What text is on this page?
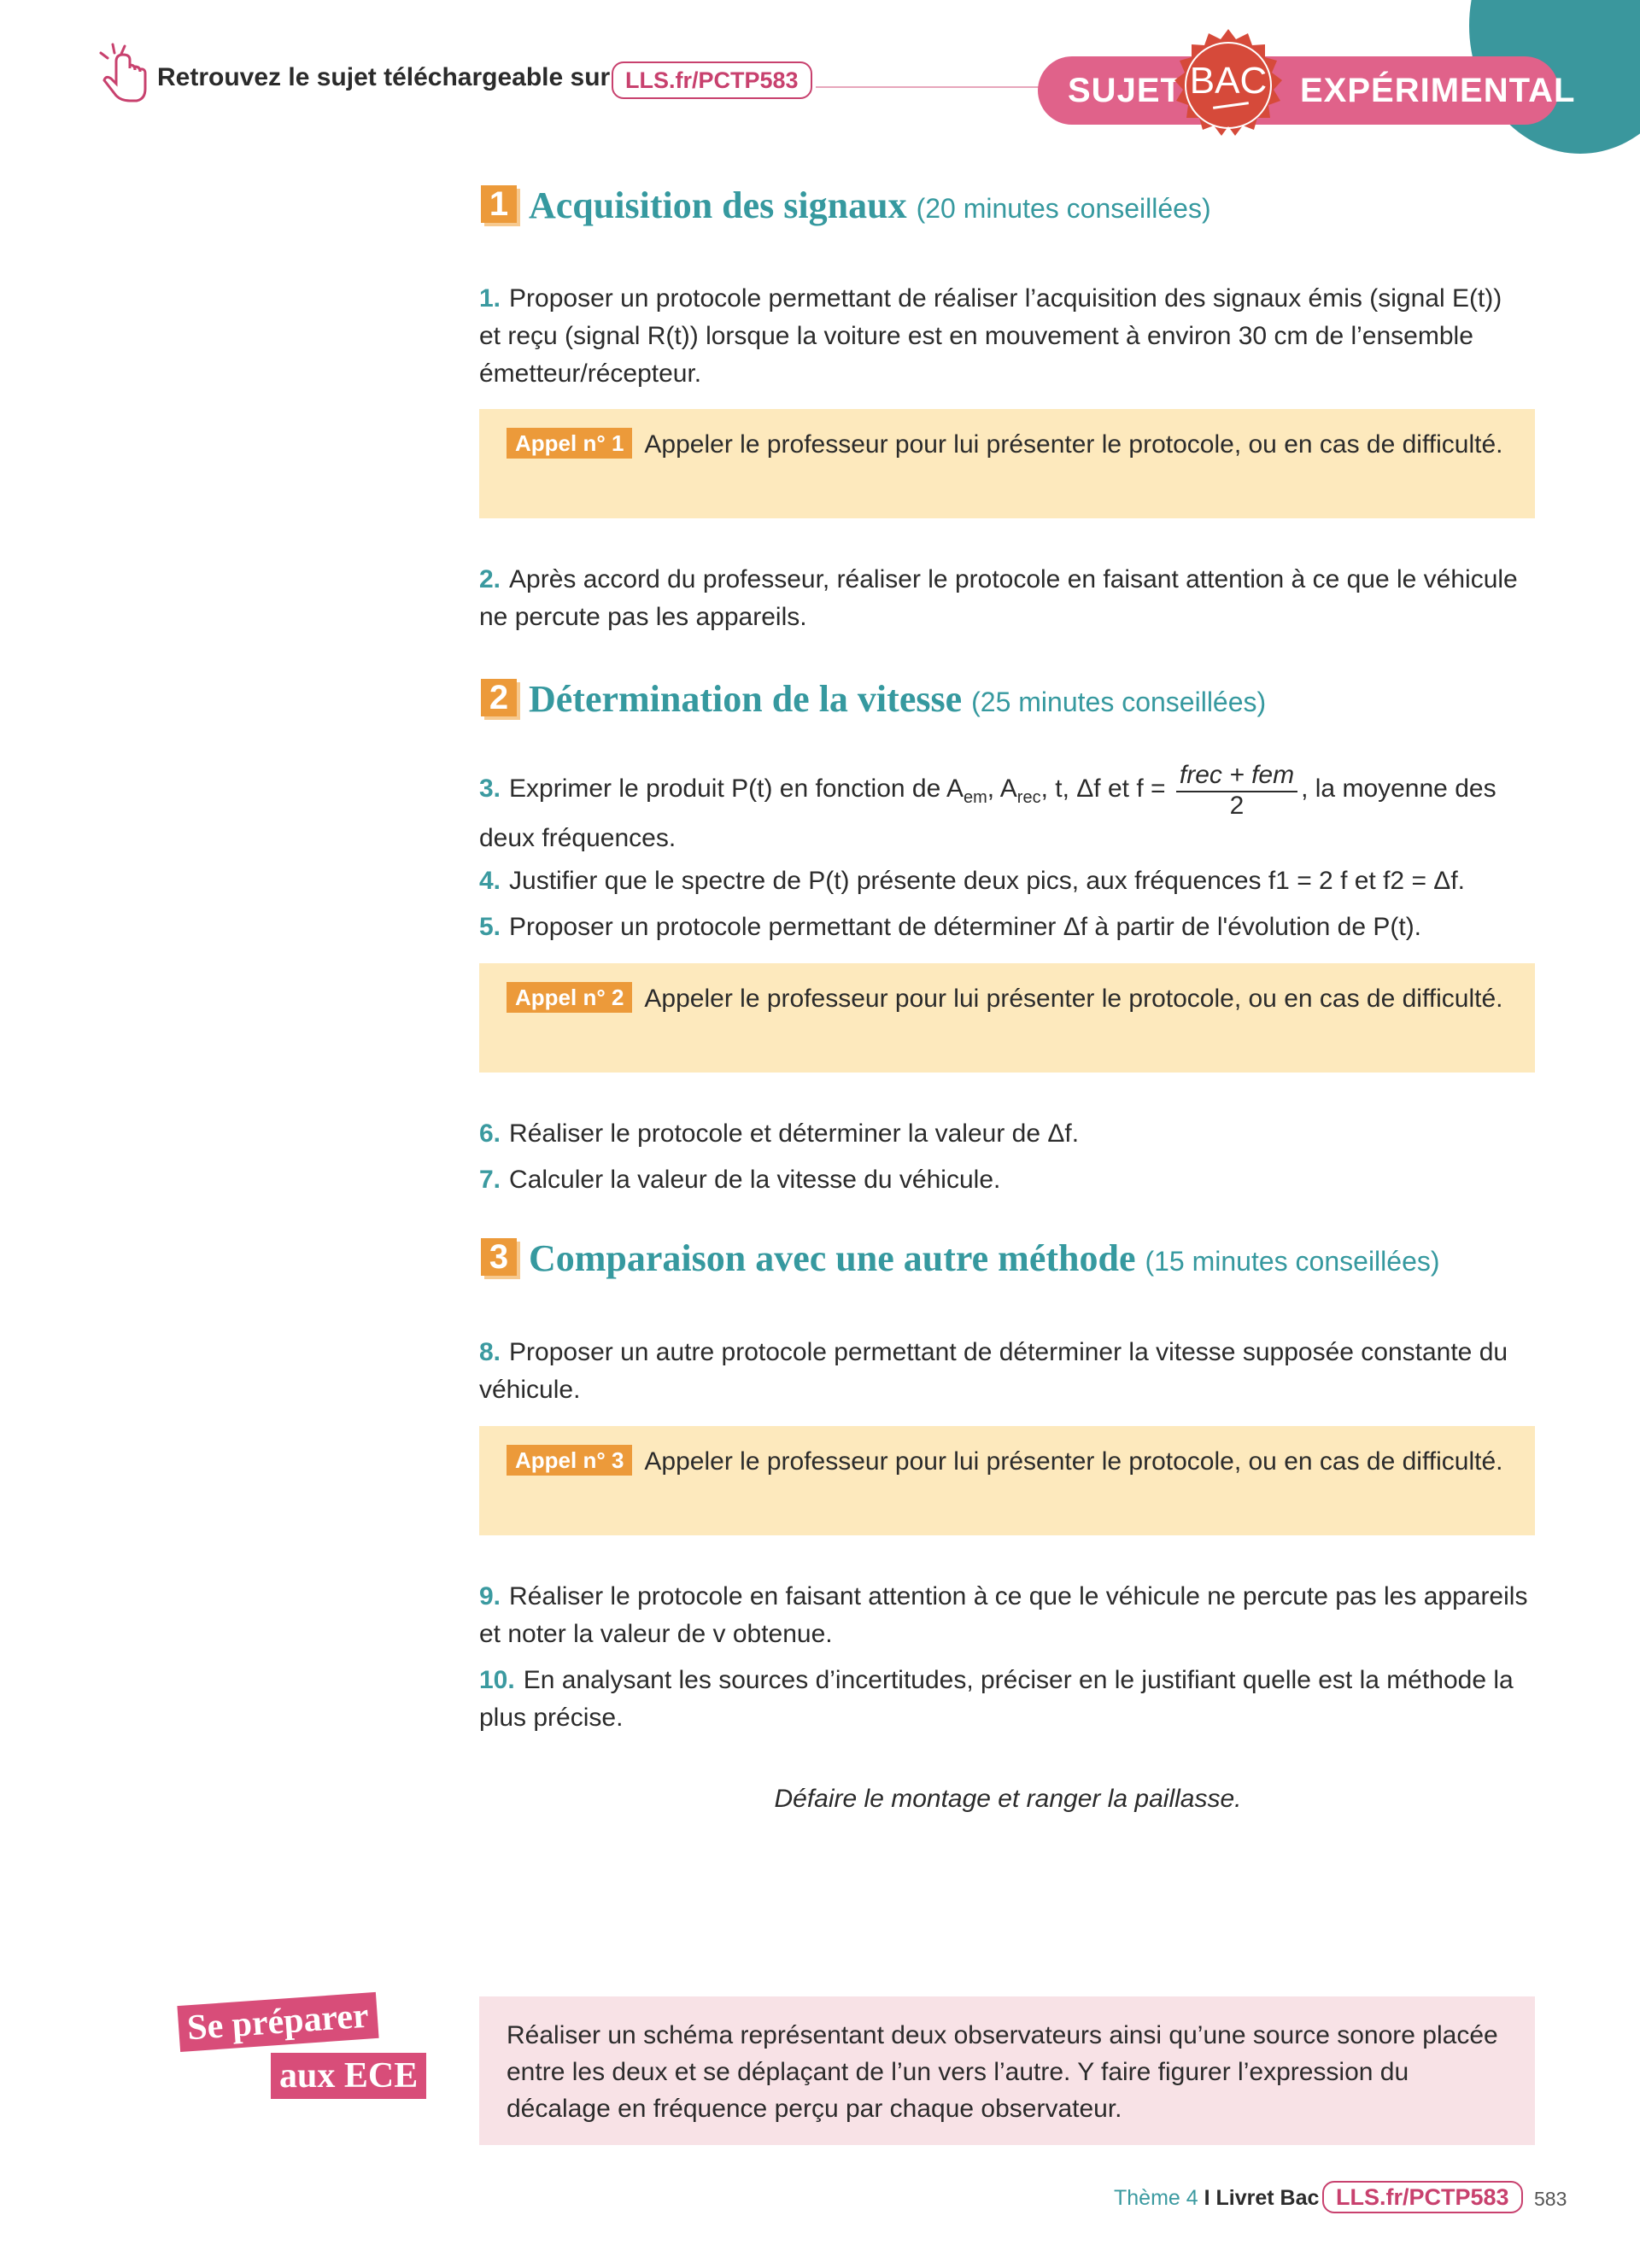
Retrouvez le sujet téléchargeable sur LLS.fr/PCTP583	SUJET	EXPÉRIMENTAL
BAC
1 Acquisition des signaux (20 minutes conseillées)
1. Proposer un protocole permettant de réaliser l’acquisition des signaux émis (signal E(t)) et reçu (signal R(t)) lorsque la voiture est en mouvement à environ 30 cm de l’ensemble émetteur/récepteur.
Appel n° 1 Appeler le professeur pour lui présenter le protocole, ou en cas de difficulté.
2. Après accord du professeur, réaliser le protocole en faisant attention à ce que le véhicule ne percute pas les appareils.
2 Détermination de la vitesse (25 minutes conseillées)
3. Exprimer le produit P(t) en fonction de $A_{em}$, $A_{rec}$, t, Δf et $f = \frac{\text{frec + fem}}{2}$ , la moyenne des deux fréquences.
4. Justifier que le spectre de P(t) présente deux pics, aux fréquences f1 = 2 f et f2 = Δf.
5. Proposer un protocole permettant de déterminer Δf à partir de l'évolution de P(t).
Appel n° 2 Appeler le professeur pour lui présenter le protocole, ou en cas de difficulté.
6. Réaliser le protocole et déterminer la valeur de Δf.
7. Calculer la valeur de la vitesse du véhicule.
3 Comparaison avec une autre méthode (15 minutes conseillées)
8. Proposer un autre protocole permettant de déterminer la vitesse supposée constante du véhicule.
Appel n° 3 Appeler le professeur pour lui présenter le protocole, ou en cas de difficulté.
9. Réaliser le protocole en faisant attention à ce que le véhicule ne percute pas les appareils et noter la valeur de v obtenue.
10. En analysant les sources d’incertitudes, préciser en le justifiant quelle est la méthode la plus précise.
Défaire le montage et ranger la paillasse.
Se préparer
aux ECE
Réaliser un schéma représentant deux observateurs ainsi qu’une source sonore placée entre les deux et se déplaçant de l’un vers l’autre. Y faire figurer l’expression du décalage en fréquence perçu par chaque observateur.
Thème 4 I Livret Bac LLS.fr/PCTP583	583
